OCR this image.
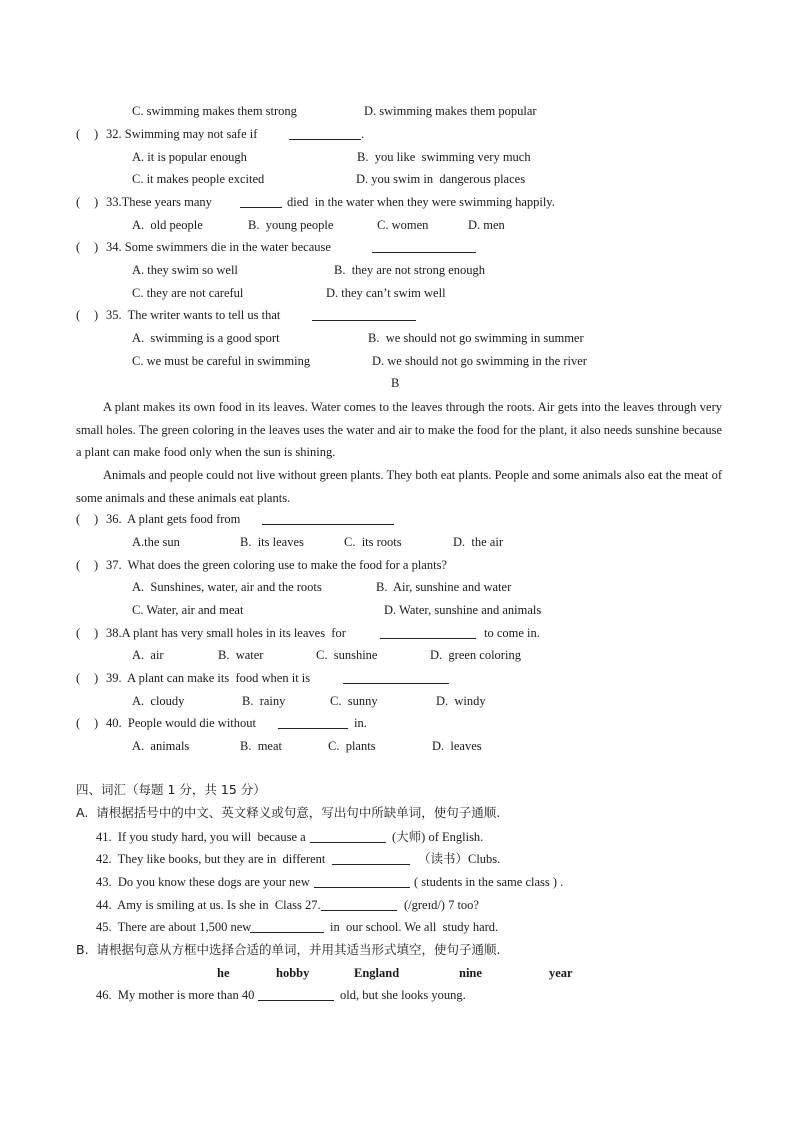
C. swimming makes them strong	D. swimming makes them popular
( ) 32. Swimming may not safe if
A. it is popular enough	B.  you like  swimming very much
C. it makes people excited	D. you swim in  dangerous places
( ) 33.These years many	died  in the water when they were swimming happily.
A.  old people	B.  young people	C. women	D. men
( ) 34. Some swimmers die in the water because
A. they swim so well	B.  they are not strong enough
C. they are not careful	D. they can’t swim well
( ) 35.  The writer wants to tell us that
A.  swimming is a good sport	B.  we should not go swimming in summer
C. we must be careful in swimming	D. we should not go swimming in the river
B
( ) 36.  A plant gets food from
A.the sun	B.  its leaves	C.  its roots	D.  the air
( ) 37.  What does the green coloring use to make the food for a plants?
A.  Sunshines, water, air and the roots	B.  Air, sunshine and water
C. Water, air and meat	D. Water, sunshine and animals
( ) 38.A plant has very small holes in its leaves  for	to come in.
A.  air	B.  water	C.  sunshine	D.  green coloring
( ) 39.  A plant can make its  food when it is
A.  cloudy	B.  rainy	C.  sunny	D.  windy
( ) 40.  People would die without	in.
A.  animals	B.  meat	C.  plants	D.  leaves
四、词汇（每题 1 分，共 15 分）
A.  请根据括号中的中文、英文释义或句意，写出句中所缺单词，使句子通顺.
41.  If you study hard, you will  because a	(大师) of English.
42.  They like books, but they are in  different	（读书）Clubs.
43.  Do you know these dogs are your new	( students in the same class ) .
44.  Amy is smiling at us. Is she in  Class 27.	(/greɪd/) 7 too?
45.  There are about 1,500 new	in  our school. We all  study hard.
B.  请根据句意从方框中选择合适的单词，并用其适当形式填空，使句子通顺.
he	hobby	England	nine	year
46.  My mother is more than 40	old, but she looks young.

A plant makes its own food in its leaves. Water comes to the leaves through the roots. Air gets into the leaves through very small holes. The green coloring in the leaves uses the water and air to make the food for the plant, it also needs sunshine because a plant can make food only when the sun is shining.

Animals and people could not live without green plants. They both eat plants. People and some animals also eat the meat of some animals and these animals eat plants.

.
